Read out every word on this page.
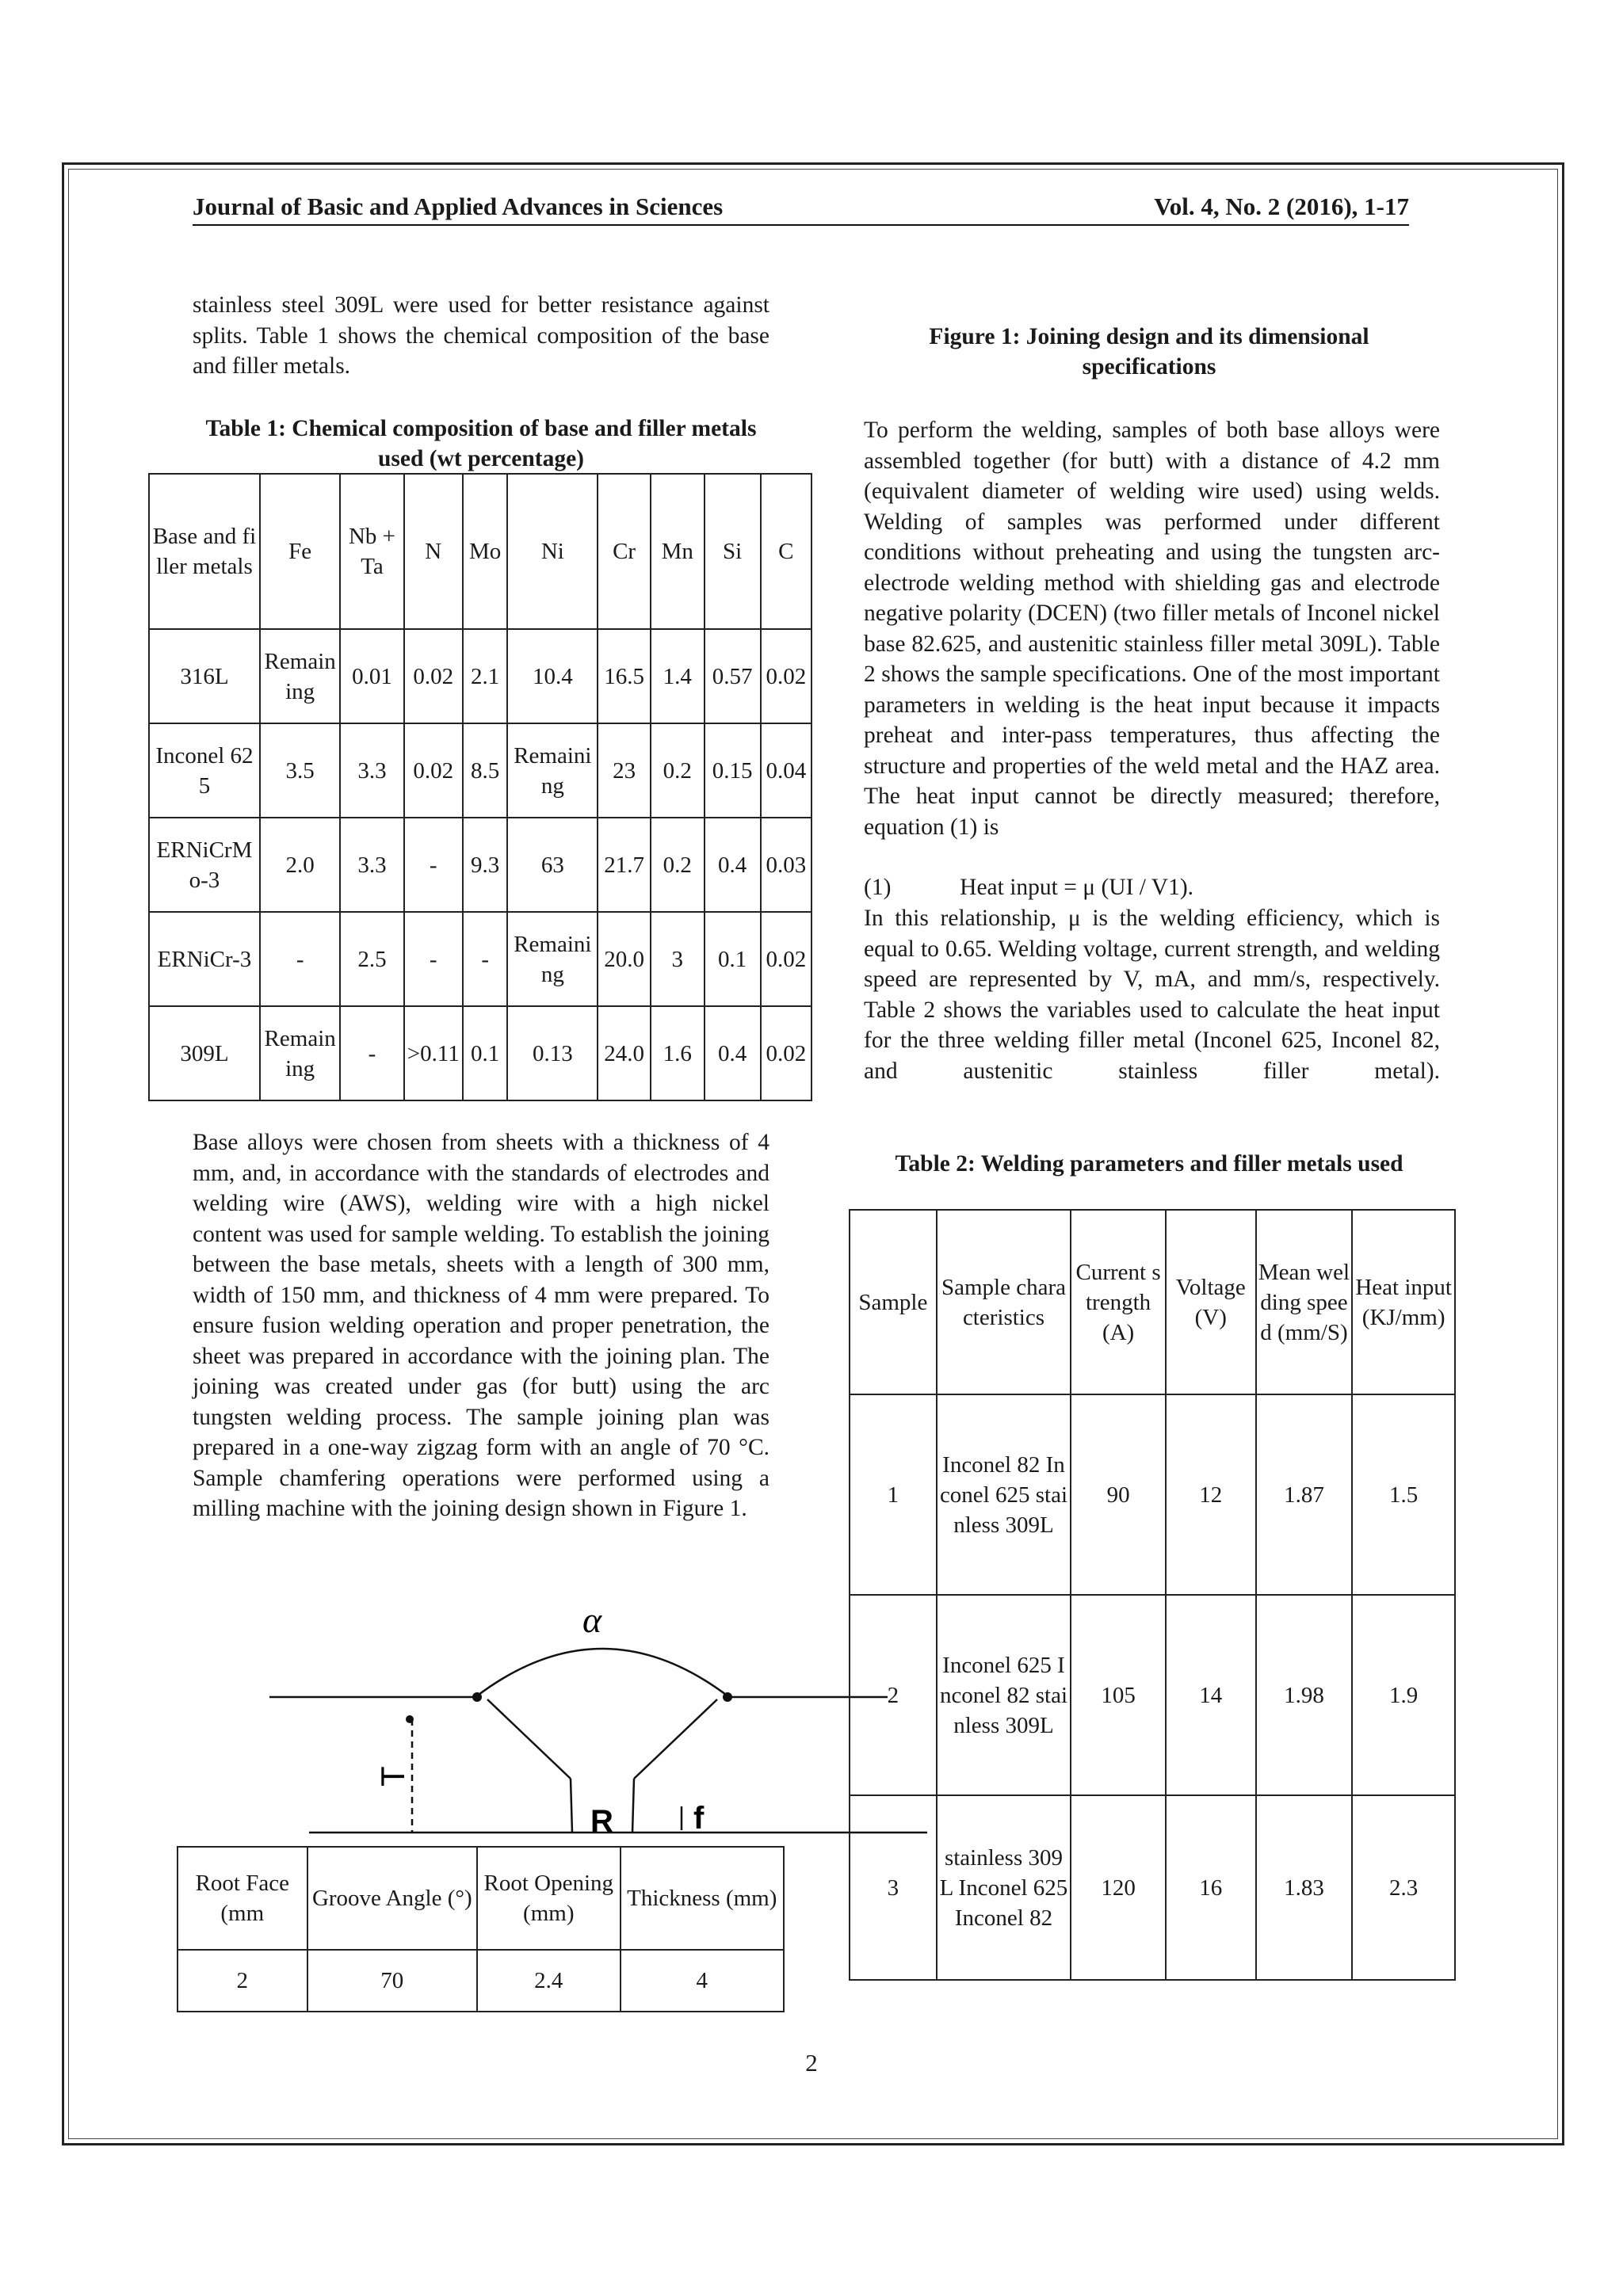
Journal of Basic and Applied Advances in Sciences	Vol. 4, No. 2 (2016), 1-17

stainless steel 309L were used for better resistance against splits. Table 1 shows the chemical composition of the base and filler metals.

Table 1: Chemical composition of base and filler metals used (wt percentage)

Base and filler metals	Fe	Nb +Ta	N	Mo	Ni	Cr	Mn	Si	C
316L	Remaining	0.01	0.02	2.1	10.4	16.5	1.4	0.57	0.02
Inconel 625	3.5	3.3	0.02	8.5	Remaining	23	0.2	0.15	0.04
ERNiCrMo-3	2.0	3.3	-	9.3	63	21.7	0.2	0.4	0.03
ERNiCr-3	-	2.5	-	-	Remaining	20.0	3	0.1	0.02
309L	Remaining	-	>0.11	0.1	0.13	24.0	1.6	0.4	0.02

Base alloys were chosen from sheets with a thickness of 4 mm, and, in accordance with the standards of electrodes and welding wire (AWS), welding wire with a high nickel content was used for sample welding. To establish the joining between the base metals, sheets with a length of 300 mm, width of 150 mm, and thickness of 4 mm were prepared. To ensure fusion welding operation and proper penetration, the sheet was prepared in accordance with the joining plan. The joining was created under gas (for butt) using the arc tungsten welding process. The sample joining plan was prepared in a one-way zigzag form with an angle of 70 °C. Sample chamfering operations were performed using a milling machine with the joining design shown in Figure 1.

α
T
R	f
Root Face (mm	Groove Angle (°)	Root Opening (mm)	Thickness (mm)
2	70	2.4	4

Figure 1: Joining design and its dimensional specifications

To perform the welding, samples of both base alloys were assembled together (for butt) with a distance of 4.2 mm (equivalent diameter of welding wire used) using welds. Welding of samples was performed under different conditions without preheating and using the tungsten arc-electrode welding method with shielding gas and electrode negative polarity (DCEN) (two filler metals of Inconel nickel base 82.625, and austenitic stainless filler metal 309L). Table 2 shows the sample specifications. One of the most important parameters in welding is the heat input because it impacts preheat and inter-pass temperatures, thus affecting the structure and properties of the weld metal and the HAZ area. The heat input cannot be directly measured; therefore, equation (1) is

(1)	Heat input = μ (UI / V1).

In this relationship, μ is the welding efficiency, which is equal to 0.65. Welding voltage, current strength, and welding speed are represented by V, mA, and mm/s, respectively. Table 2 shows the variables used to calculate the heat input for the three welding filler metal (Inconel 625, Inconel 82, and austenitic stainless filler metal).

Table 2: Welding parameters and filler metals used

Sample	Sample characteristics	Current strength (A)	Voltage (V)	Mean welding speed (mm/S)	Heat input (KJ/mm)
1	Inconel 82 Inconel 625 stainless 309L	90	12	1.87	1.5
2	Inconel 625 Inconel 82 stainless 309L	105	14	1.98	1.9
3	stainless 309L Inconel 625 Inconel 82	120	16	1.83	2.3
2
